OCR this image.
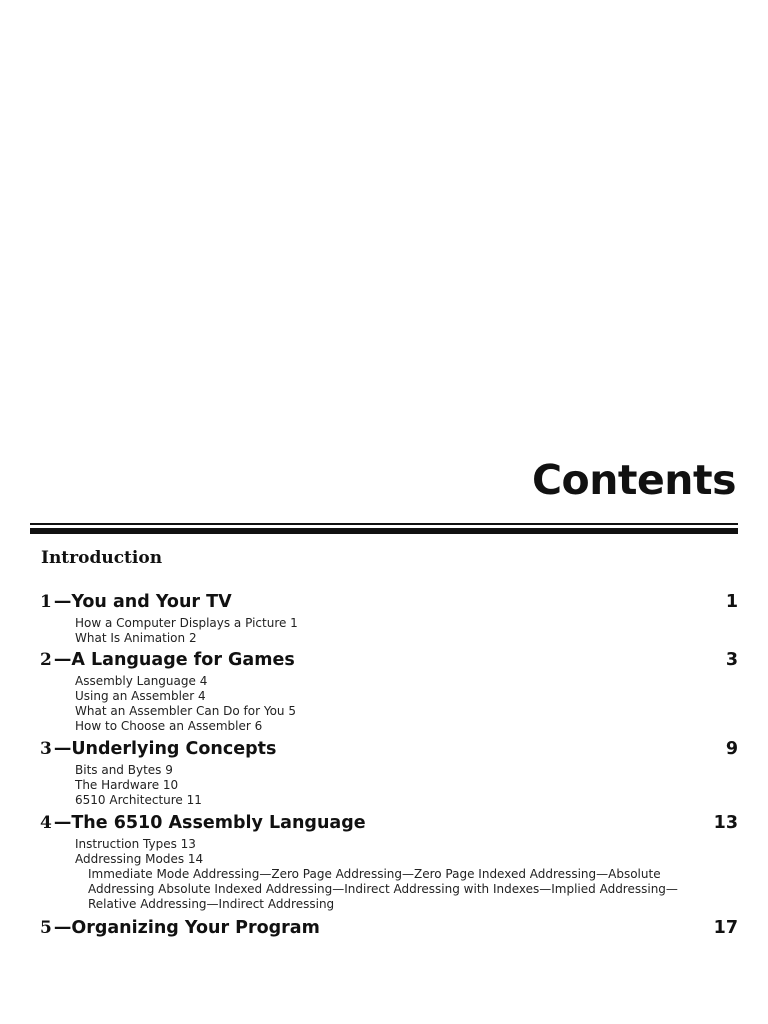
Contents
Introduction
1 —You and Your TV	1
How a Computer Displays a Picture 1
What Is Animation 2
2 —A Language for Games	3
Assembly Language 4
Using an Assembler 4
What an Assembler Can Do for You 5
How to Choose an Assembler 6
3 —Underlying Concepts	9
Bits and Bytes 9
The Hardware 10
6510 Architecture 11
4 —The 6510 Assembly Language	13
Instruction Types 13
Addressing Modes 14
Immediate Mode Addressing—Zero Page Addressing—Zero Page Indexed Addressing—Absolute
Addressing Absolute Indexed Addressing—Indirect Addressing with Indexes—Implied Addressing—
Relative Addressing—Indirect Addressing
5 —Organizing Your Program	17
